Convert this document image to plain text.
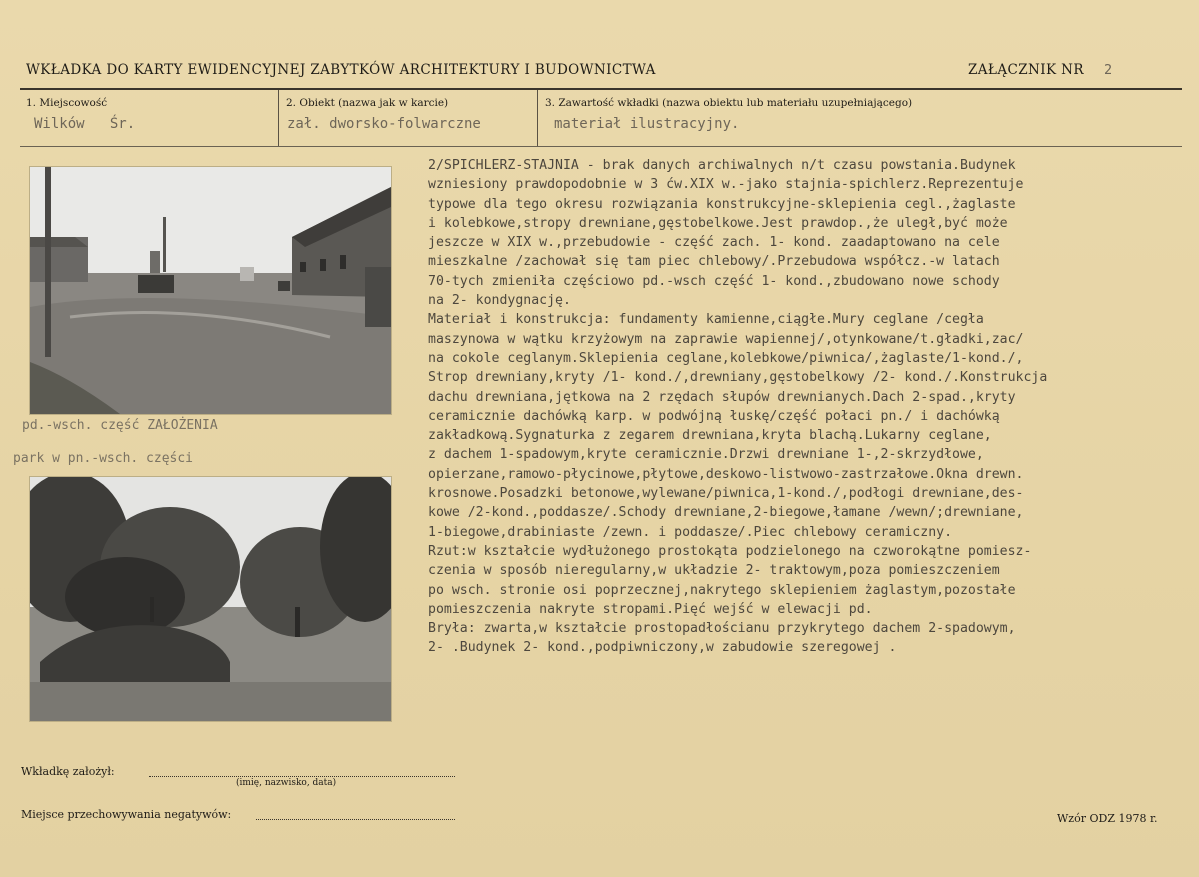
WKŁADKA DO KARTY EWIDENCYJNEJ ZABYTKÓW ARCHITEKTURY I BUDOWNICTWA	ZAŁĄCZNIK NR 2
1. Miejscowość
Wilków   Śr.
2. Obiekt (nazwa jak w karcie)
zał. dworsko-folwarczne
3. Zawartość wkładki (nazwa obiektu lub materiału uzupełniającego)
materiał ilustracyjny.
pd.-wsch. część ZAŁOŻENIA
park w pn.-wsch. części
2/SPICHLERZ-STAJNIA - brak danych archiwalnych n/t czasu powstania.Budynek
wzniesiony prawdopodobnie w 3 ćw.XIX w.-jako stajnia-spichlerz.Reprezentuje
typowe dla tego okresu rozwiązania konstrukcyjne-sklepienia cegl.,żaglaste
i kolebkowe,stropy drewniane,gęstobelkowe.Jest prawdop.,że uległ,być może
jeszcze w XIX w.,przebudowie - część zach. 1- kond. zaadaptowano na cele
mieszkalne /zachował się tam piec chlebowy/.Przebudowa współcz.-w latach
70-tych zmieniła częściowo pd.-wsch część 1- kond.,zbudowano nowe schody
na 2- kondygnację.
Materiał i konstrukcja: fundamenty kamienne,ciągłe.Mury ceglane /cegła
maszynowa w wątku krzyżowym na zaprawie wapiennej/,otynkowane/t.gładki,zac/
na cokole ceglanym.Sklepienia ceglane,kolebkowe/piwnica/,żaglaste/1-kond./,
Strop drewniany,kryty /1- kond./,drewniany,gęstobelkowy /2- kond./.Konstrukcja
dachu drewniana,jętkowa na 2 rzędach słupów drewnianych.Dach 2-spad.,kryty
ceramicznie dachówką karp. w podwójną łuskę/część połaci pn./ i dachówką
zakładkową.Sygnaturka z zegarem drewniana,kryta blachą.Lukarny ceglane,
z dachem 1-spadowym,kryte ceramicznie.Drzwi drewniane 1-,2-skrzydłowe,
opierzane,ramowo-płycinowe,płytowe,deskowo-listwowo-zastrzałowe.Okna drewn.
krosnowe.Posadzki betonowe,wylewane/piwnica,1-kond./,podłogi drewniane,des-
kowe /2-kond.,poddasze/.Schody drewniane,2-biegowe,łamane /wewn/;drewniane,
1-biegowe,drabiniaste /zewn. i poddasze/.Piec chlebowy ceramiczny.
Rzut:w kształcie wydłużonego prostokąta podzielonego na czworokątne pomiesz-
czenia w sposób nieregularny,w układzie 2- traktowym,poza pomieszczeniem
po wsch. stronie osi poprzecznej,nakrytego sklepieniem żaglastym,pozostałe
pomieszczenia nakryte stropami.Pięć wejść w elewacji pd.
Bryła: zwarta,w kształcie prostopadłościanu przykrytego dachem 2-spadowym,
2- .Budynek 2- kond.,podpiwniczony,w zabudowie szeregowej .
Wkładkę założył:
(imię, nazwisko, data)
Miejsce przechowywania negatywów:	Wzór ODZ 1978 r.
